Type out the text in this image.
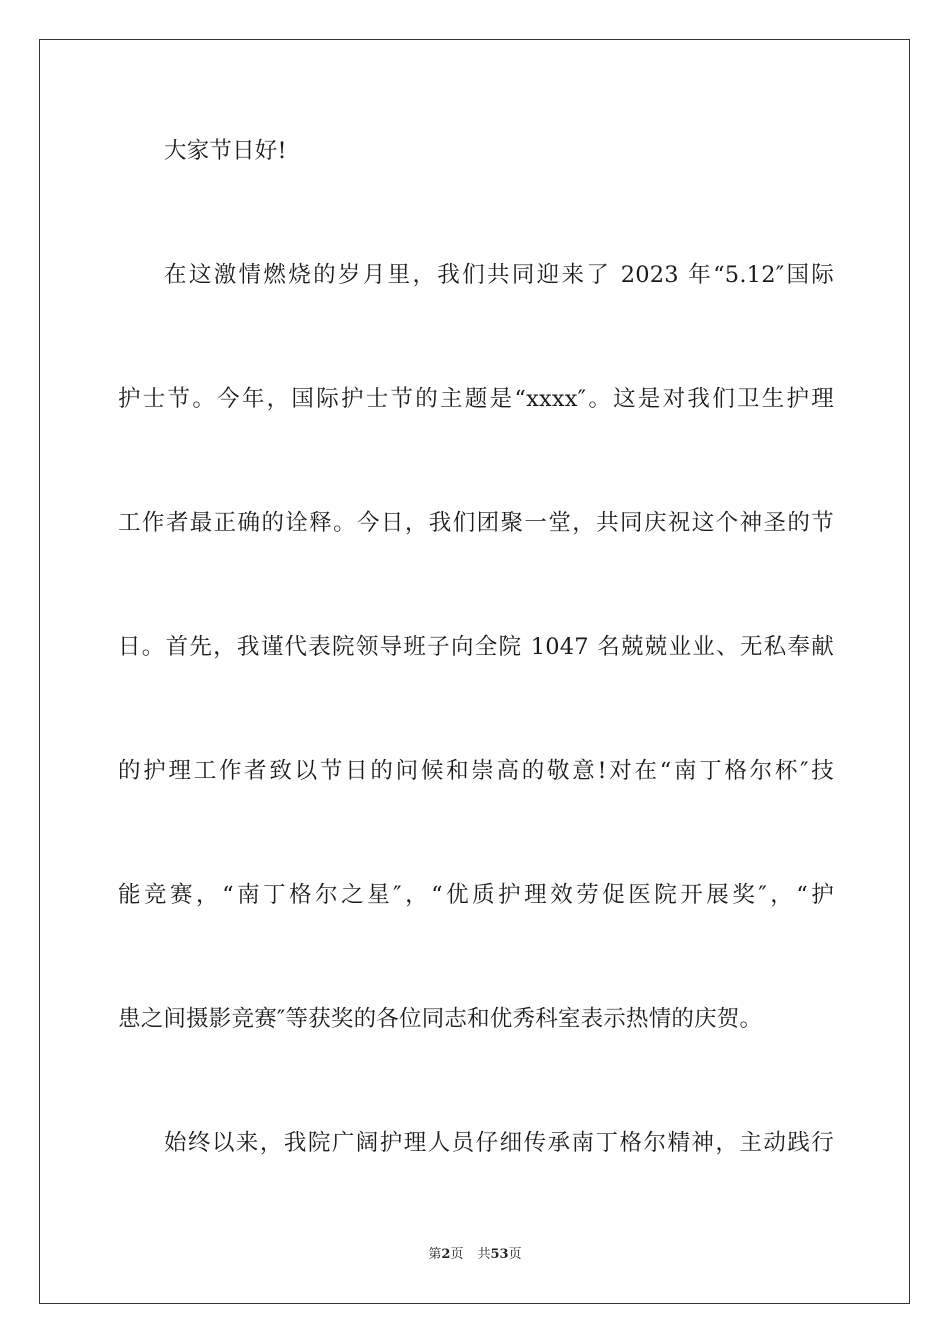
大家节日好!
在这激情燃烧的岁月里，我们共同迎来了 2023 年“5.12″国际
护士节。今年，国际护士节的主题是“xxxx″。这是对我们卫生护理
工作者最正确的诠释。今日，我们团聚一堂，共同庆祝这个神圣的节
日。首先，我谨代表院领导班子向全院 1047 名兢兢业业、无私奉献
的护理工作者致以节日的问候和崇高的敬意!对在“南丁格尔杯″技
能竞赛，“南丁格尔之星″，“优质护理效劳促医院开展奖″，“护
患之间摄影竞赛″等获奖的各位同志和优秀科室表示热情的庆贺。
始终以来，我院广阔护理人员仔细传承南丁格尔精神，主动践行
第2页 共53页
